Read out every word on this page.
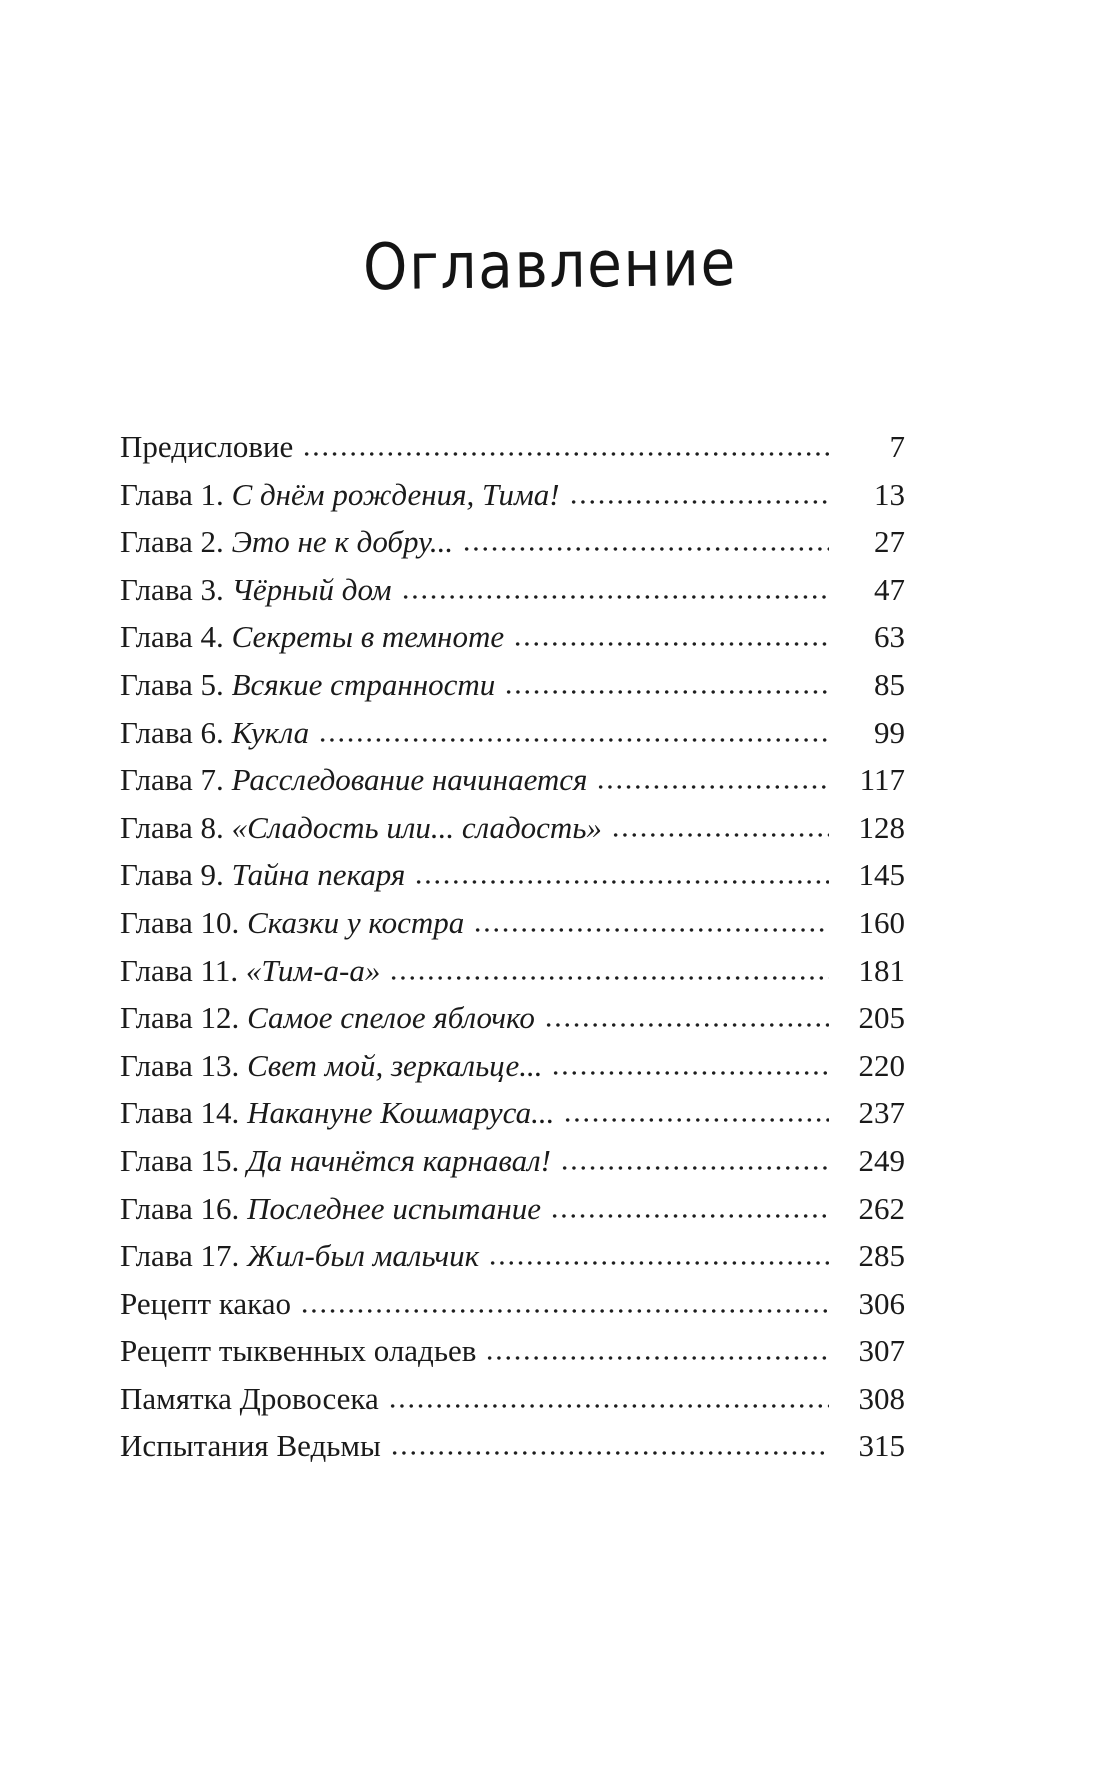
Оглавление
Предисловие	7
Глава 1. С днём рождения, Тима!	13
Глава 2. Это не к добру...	27
Глава 3. Чёрный дом	47
Глава 4. Секреты в темноте	63
Глава 5. Всякие странности	85
Глава 6. Кукла	99
Глава 7. Расследование начинается	117
Глава 8. «Сладость или... сладость»	128
Глава 9. Тайна пекаря	145
Глава 10. Сказки у костра	160
Глава 11. «Тим-а-а»	181
Глава 12. Самое спелое яблочко	205
Глава 13. Свет мой, зеркальце...	220
Глава 14. Накануне Кошмаруса...	237
Глава 15. Да начнётся карнавал!	249
Глава 16. Последнее испытание	262
Глава 17. Жил-был мальчик	285
Рецепт какао	306
Рецепт тыквенных оладьев	307
Памятка Дровосека	308
Испытания Ведьмы	315
